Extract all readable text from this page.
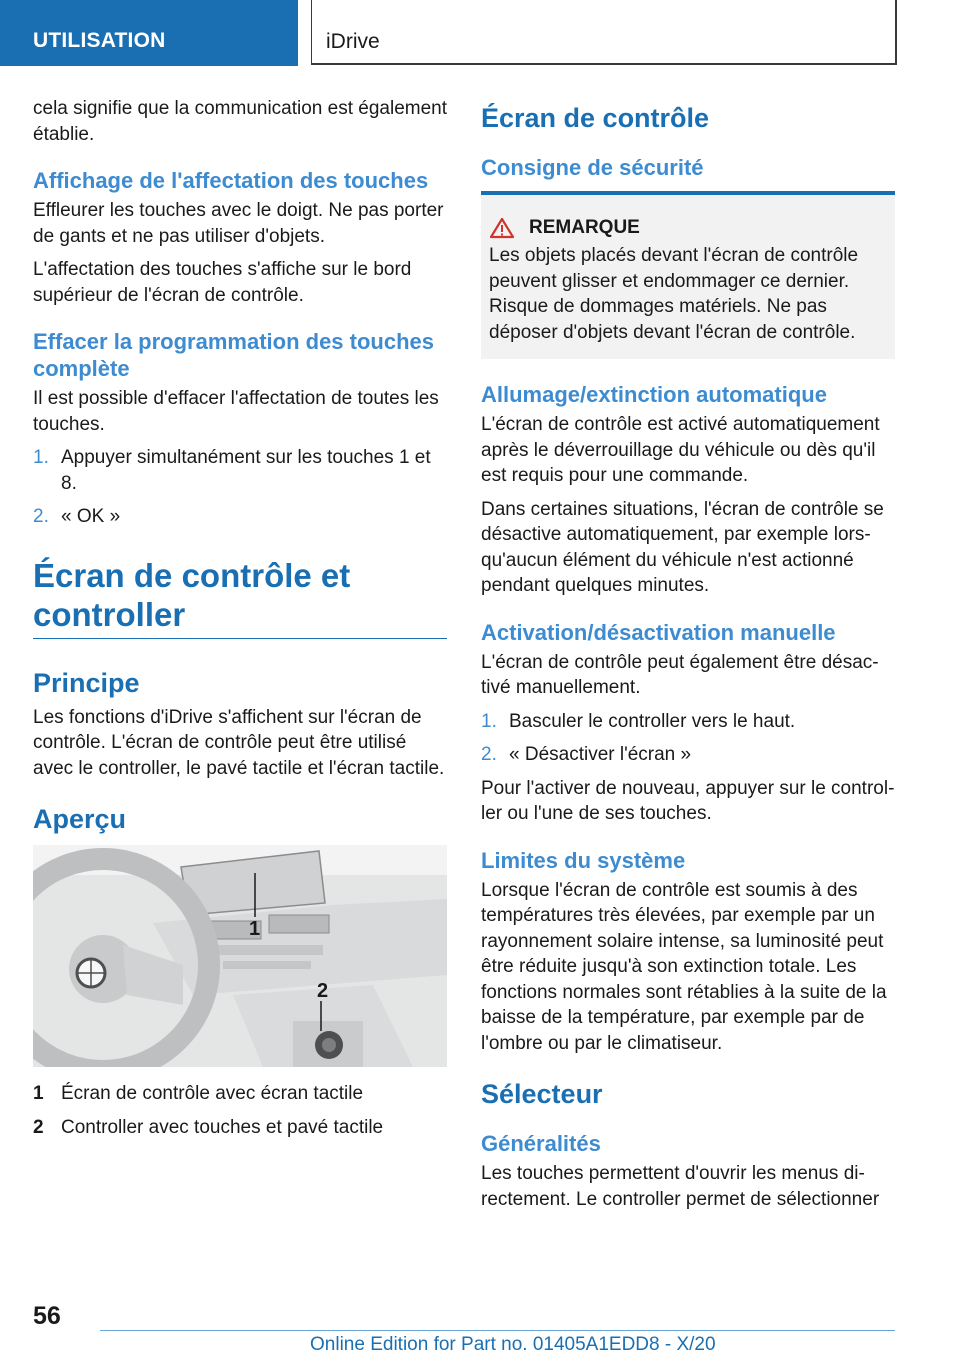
UTILISATION	iDrive

cela signifie que la communication est également établie.

Affichage de l'affectation des touches

Effleurer les touches avec le doigt. Ne pas porter de gants et ne pas utiliser d'objets.

L'affectation des touches s'affiche sur le bord supérieur de l'écran de contrôle.

Effacer la programmation des touches complète

Il est possible d'effacer l'affectation de toutes les touches.

1. Appuyer simultanément sur les touches 1 et 8.
2. « OK »
Écran de contrôle et controller
Principe

Les fonctions d'iDrive s'affichent sur l'écran de contrôle. L'écran de contrôle peut être utilisé avec le controller, le pavé tactile et l'écran tactile.

Aperçu
1
2
1 Écran de contrôle avec écran tactile
2 Controller avec touches et pavé tactile
Écran de contrôle
Consigne de sécurité
REMARQUE

Les objets placés devant l'écran de contrôle peuvent glisser et endommager ce dernier. Risque de dommages matériels. Ne pas déposer d'objets devant l'écran de contrôle.

Allumage/extinction automatique

L'écran de contrôle est activé automatiquement après le déverrouillage du véhicule ou dès qu'il est requis pour une commande.

Dans certaines situations, l'écran de contrôle se désactive automatiquement, par exemple lorsqu'aucun élément du véhicule n'est actionné pendant quelques minutes.

Activation/désactivation manuelle

L'écran de contrôle peut également être désactivé manuellement.

1. Basculer le controller vers le haut.
2. « Désactiver l'écran »

Pour l'activer de nouveau, appuyer sur le controller ou l'une de ses touches.

Limites du système

Lorsque l'écran de contrôle est soumis à des températures très élevées, par exemple par un rayonnement solaire intense, sa luminosité peut être réduite jusqu'à son extinction totale. Les fonctions normales sont rétablies à la suite de la baisse de la température, par exemple par de l'ombre ou par le climatiseur.

Sélecteur
Généralités

Les touches permettent d'ouvrir les menus directement. Le controller permet de sélectionner

56
Online Edition for Part no. 01405A1EDD8 - X/20
